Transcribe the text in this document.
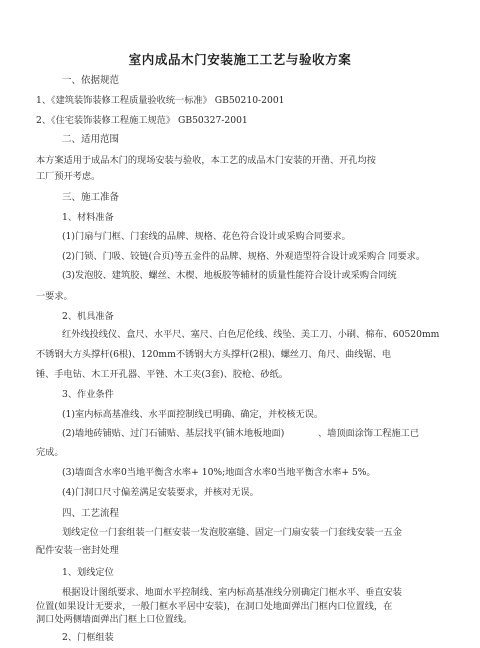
室内成品木门安装施工工艺与验收方案
一、依据规范
1、《建筑装饰装修工程质量验收统一标准》 GB50210-2001
2、《住宅装饰装修工程施工规范》 GB50327-2001
二、适用范围
本方案适用于成品木门的现场安装与验收，本工艺的成品木门安装的开凿、开孔均按
工厂预开考虑。
三、施工准备
1、材料准备
(1)门扇与门框、门套线的品牌、规格、花色符合设计或采购合同要求。
(2)门锁、门吸、铰链(合页)等五金件的品牌、规格、外观造型符合设计或采购合 同要求。
(3)发泡胶、建筑胶、螺丝、木楔、地板胶等辅材的质量性能符合设计或采购合同统
一要求。
2、机具准备
红外线投线仪、盒尺、水平尺、塞尺、白色尼伦线、线坠、美工刀、小刷、棉布、60520mm
不锈钢大方头撑杆(6根)、120mm不锈钢大方头撑杆(2根)、螺丝刀、角尺、曲线锯、电
锤、手电钻、木工开孔器、平锉、木工夹(3套)、胶枪、砂纸。
3、作业条件
(1)室内标高基准线、水平面控制线已明确、确定，并校核无误。
(2)墙地砖铺贴、过门石铺贴、基层找平(铺木地板地面)	、墙顶面涂饰工程施工已
完成。
(3)墙面含水率0当地平衡含水率+ 10%;地面含水率0当地平衡含水率+ 5%。
(4)门洞口尺寸偏差满足安装要求，并核对无误。
四、工艺流程
划线定位一门套组装一门框安装一发泡胶塞缝、固定一门扇安装一门套线安装一五金
配件安装一密封处理
1、划线定位
根据设计图纸要求、地面水平控制线、室内标高基准线分别确定门框水平、垂直安装
位置(如果设计无要求，一般门框水平居中安装)，在洞口处地面弹出门框内口位置线，在
洞口处两侧墙面弹出门框上口位置线。
2、门框组装
